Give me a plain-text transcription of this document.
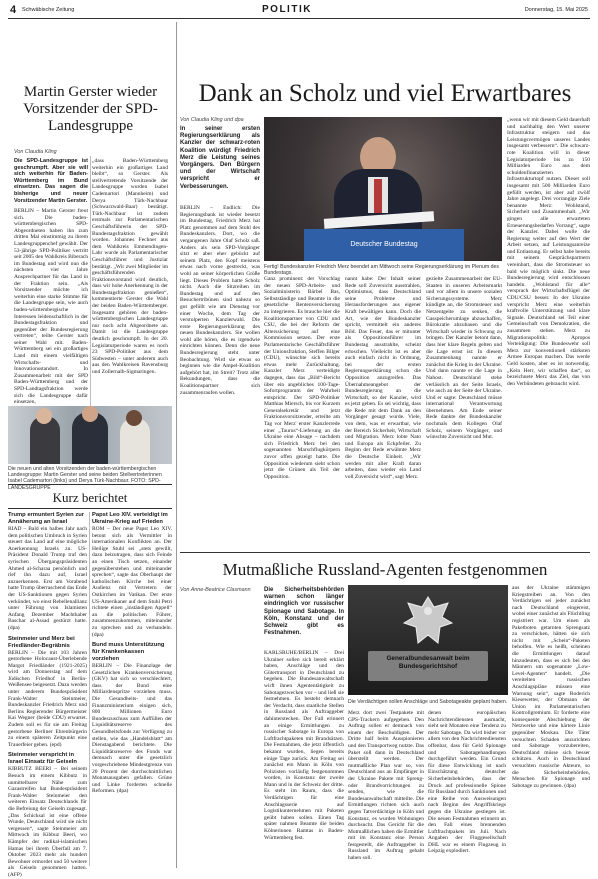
4 Schwäbische Zeitung	POLITIK	Donnerstag, 15. Mai 2025
Martin Gerster wieder Vorsitzender der SPD-Landesgruppe
Von Claudia Kling
Die SPD-Landesgruppe ist geschrumpft. Aber sie will sich weiterhin für Baden-Württemberg im Bund einsetzen. Das sagen die bisherige und neuer Vorsitzender Martin Gerster.
BERLIN – Martin Gerster freut sich. Die baden-württembergischen SPD-Abgeordneten haben ihn zum dritten Mal einstimmig zu ihrem Landesgruppenchef gewählt. Der 53-jährige SPD-Politiker vertritt seit 2005 den Wahlkreis Biberach im Bundestag und wird nun die nächsten vier Jahre Ansprechpartner für das Land in der Fraktion sein. „Als Vorsitzender möchte ich weiterhin eine starke Stimme für die Landesgruppe sein, wie auch baden-württembergische Interessen leidenschaftlich in der Bundestagsfraktion und gegenüber der Bundesregierung vertreten“, teilte Gerster nach seiner Wahl mit. Baden-Württemberg sei ein großartiges Land mit einem vielfältigen Wirtschafts- und Innovationsstandort. In Zusammenarbeit mit der SPD Baden-Württemberg und der SPD-Landtagsfraktion werde sich die Landesgruppe dafür einsetzen,
„dass Baden-Württemberg weiterhin ein großartiges Land bleibt“, so Gerster. Als stellvertretende Vorsitzende der Landesgruppe wurden Isabel Cademartori (Mannheim) und Derya Türk-Nachbaur (Schwarzwald-Baar) bestätigt. Türk-Nachbaur ist zudem erstmals zur Parlamentarischen Geschäftsführerin der SPD-Bundestagsfraktion gewählt worden. Johannes Fechner aus dem Wahlkreis Emmendingen-Lahr wurde als Parlamentarischer Geschäftsführer und Justiziar bestätigt. „Wir zwei Mitglieder im geschäftsführenden Fraktionsvorstand wird deutlich, dass wir hohe Anerkennung in der Bundestagsfraktion genießen“, kommentierte Gerster die Wahl der beiden Baden-Württemberger. Insgesamt gehören der baden-württembergischen Landesgruppe nur noch acht Abgeordnete an. Damit ist die Landesgruppe deutlich geschrumpft. In der 20. Legislaturperiode waren es noch 23 SPD-Politiker aus dem Südwesten – unter anderem auch aus den Wahlkreisen Ravensburg und Zollernalb-Sigmaringen.
Die neuen und alten Vorsitzenden der baden-württembergischen Landesgruppe: Martin Gerster und seine beiden Stellvertreterinnen Isabel Cademartori (links) und Derya Türk-Nachbaur. FOTO: SPD-LANDESGRUPPE
Kurz berichtet
Trump ermuntert Syrien zur Annäherung an Israel
RIAD – Bald ein halbes Jahr nach dem politischen Umbruch in Syrien steuert das Land auf eine mögliche Anerkennung Israels zu. US-Präsident Donald Trump traf den syrischen Übergangspräsidenten Ahmed al-Scharaa persönlich und rief ihn dazu auf, Israel anzuerkennen. Erst am Vorabend hatte Trump überraschend das Ende der US-Sanktionen gegen Syrien verkündet, wo einst Rebellenallianz unter Führung von Islamisten Anfang Dezember Machthaber Baschar al-Assad gestürzt hatte. (dpa)
Steinmeier und Merz bei Friedländer-Begräbnis
BERLIN – Die mit 103 Jahren gestorbene Holocaust-Überlebende Margot Friedländer (1921-2025) wird am Donnerstag auf dem Jüdischen Friedhof in Berlin-Weißensee beigesetzt. Dazu werden unter anderem Bundespräsident Frank-Walter Steinmeier, Bundeskanzler Friedrich Merz und Berlins Regierender Bürgermeister Kai Wegner (beide CDU) erwartet. Zudem soll es für sie am Freitag gestorbene Berliner Ehrenbürgerin zu einem späteren Zeitpunkt eine Trauerfeier geben. (epd)
Steinmeier verspricht in Israel Einsatz für Geiseln
KIBBUTZ BEERI – Bei seinem Besuch im einem Kibbutz in unmittelbarer Nähe zum Gazastreifen hat Bundespräsident Frank-Walter Steinmeier den weiteren Einsatz Deutschlands für die Befreiung der Geiseln zugesagt. „Das Schicksal ist eine offene Wunde, Deutschland wird sie nicht vergessen“, sagte Steinmeier am Mittwoch im Kibbuz Beeri, wo Kämpfer der radikal-islamischen Hamas bei ihrem Überfall am 7. Oktober 2023 mehr als hundert Bewohner ermordet und 50 weitere als Geiseln genommen hatten. (AFP)
Papst Leo XIV. verteidigt im Ukraine-Krieg auf Frieden
ROM – Der neue Papst Leo XIV. betont sich als Vermittler in internationalen Konflikten an. Der Heilige Stuhl sei „stets gewillt, dazu beizutragen, dass sich Feinde an einen Tisch setzen, einander gegenüberstehen und miteinander sprechen“, sagte das Oberhaupt der katholischen Kirche bei einer Audienz mit Vertretern der Ostkirchen im Vatikan. Der erste US-Amerikaner auf dem Stuhl Petri richtete einen „inständigen Appell“ an die politischen Führer, zusammenzukommen, miteinander zu sprechen und zu verhandeln. (dpa)
Bund muss Unterstützung für Krankenkassen vorziehen
BERLIN – Die Finanzlage der Gesetzlichen Krankenversicherung (GKV) hat sich so verschlechtert, dass der Bund eine Milliardenspritze vorziehen muss. Die Gesundheits- und das Finanzministerium einigen sich, 800 Millionen Euro Bundeszuschuss zum Auffüllen der Liquiditätsreserve des Gesundheitsfonds zur Verfügung zu stellen, wie das „Handelsblatt“ am Dienstagabend berichtete. Die Liquiditätsreserve des Fonds war demnach unter die gesetzlich vorgeschriebene Mindestgrenze von 20 Prozent der durchschnittlichen Monatsausgaben gefallen. Grüne und Linke forderten schnelle Reformen. (dpa)
Dank an Scholz und viel Erwartbares
Von Claudia Kling und dpa
In seiner ersten Regierungserklärung als Kanzler der schwarz-roten Koalition würdigt Friedrich Merz die Leistung seines Vorgängers. Den Bürgern und der Wirtschaft verspricht er Verbesserungen.
BERLIN – Endlich: Die Regierungsbank ist wieder besetzt im Bundestag, Friedrich Merz hat Platz genommen auf dem Stuhl des Bundeskanzlers. Dort, wo die vergangenen Jahre Olaf Scholz saß. Anders als sein SPD-Vorgänger sitzt er aber eher gebückt auf seinem Platz, den Kopf meistens etwas nach vorne gestreckt, was wohl an seiner körperlichen Größe liegt. Dieses Problem hatte Scholz nicht. Auch die Sitzreihen im Bundestag und auf den Besuchertribünen sind nahezu so gut gefüllt wie am Dienstag vor einer Woche, dem Tag der verstolperten Kanzlerwahl. Die erste Regierungserklärung des neuen Bundeskanzlers. Sie wollen wohl alle hören, die es irgendwie einrichten können. Denn die neue Bundesregierung steht unter Beobachtung. Wird sie etwas so beginnen wie die Ampel-Koalition aufgehört hat, im Streit? Trotz aller Bekundungen, dass die Koalitionspartner sich zusammenraufen wollen.
Deutscher Bundestag
Fertig! Bundeskanzler Friedrich Merz beendet am Mittwoch seine Regierungserklärung im Plenum des Bundestags.
Ganz prominent: der Vorschlag der neuen SPD-Arbeits- und Sozialministerin Bärbel Bas, Selbstständige und Beamte in die gesetzliche Rentenversicherung zu integrieren. Es brauche hier die Koalitionspartner von CDU und CSU, die bei der Reform der Alterssicherung auf eine Kommission setzen. Der erste Parlamentarische Geschäftsführer der Unionsfraktion, Steffen Bilger (CDU), wünschte sich bereits etwas mehr Zurückhaltung. Kanzler Merz verteidigte dagegen, dass das „Bild“-Bericht über ein angebliches 100-Tage-Sofortprogramm der Wahrheit entspricht. Der SPD-Politiker Matthias Miersch, bis vor Kurzem Generalsekretär und jetzt Fraktionsvorsitzender, erteilte am Tag vor Merz' erster Kanzlerrede einer „Taurus“-Lieferung an die Ukraine eine Absage – nachdem sich Friedrich Merz bei den sogenannten Marschflugkörpern zuvor offen gezeigt hatte. Die Opposition wiederum sieht schon jetzt die Grünen als Teil der Opposition.
nannt habe: Der Inhalt seiner Rede soll Zuversicht ausstrahlen, Optimismus, dass Deutschland seine Probleme und Herausforderungen aus eigener Kraft bewältigen kann. Doch die Art, wie der Bundeskanzler spricht, vermittelt ein anderes Bild. Das Feuer, das er mitunter als Oppositionsführer im Bundestag ausstrahlte, scheint erloschen. Vielleicht ist es aber auch einfach nicht in Ordnung, bei der ersten Regierungserklärung schon die Opposition anzugreifen. Das Übernahmeangebot der Bundesregierung an die Wirtschaft, so der Kanzler, wird es jetzt geben. Es sei wichtig, dass die Rede mit dem Dank an den Vorgänger gesagt wurde. Viele, von dem, was er erwartbar, wie der Bereich Sicherheit, Wirtschaft und Migration. Merz lobte Nato und Europa als Eckpfeiler. Zu Beginn der Rede erwähnte Merz die Deutsche Einheit. „Wir werden mit aller Kraft daran arbeiten, dass wieder ein Land voll Zuversicht wird“, sagt Merz.
gezielte Zusammenarbeit der EU-Staaten in unseren Arbeitsmarkt und vor allem in unsere sozialen Sicherungssysteme. Merz kündigte an, die Stromsteuer und Netzentgelte zu senken, die Gasspeicherumlage abzuschaffen, Bürokratie abzubauen und die Wirtschaft wieder in Schwung zu bringen. Der Kanzler betont dann, dass hier klare Regeln gelten und die Lage ernst ist: In diesem Zusammenhang nannte er zunächst die Krieg in der Ukraine. Und dann nannte er die Lage in Nahost. Deutschland stehe verlässlich an der Seite Israels, wie auch an der Seite der Ukraine. Und er sagte: Deutschland müsse international Verantwortung übernehmen. Am Ende seiner Rede dankte der Bundeskanzler nochmals dem Kollegen Olaf Scholz, seinem Vorgänger, und wünschte Zuversicht und Mut.
„wenn wir mit diesem Geld dauerhaft und nachhaltig den Wert unserer Infrastruktur steigern und das Leistungsvermögen unseres Landes insgesamt verbessern“. Die schwarz-rote Koalition will in dieser Legislaturperiode bis zu 150 Milliarden Euro aus dem schuldenfinanzierten Infrastrukturtopf nutzen. Dieser soll insgesamt mit 500 Milliarden Euro gefüllt werden, ist aber auf zwölf Jahre angelegt. Drei vorrangige Ziele benannte Merz: Wohlstand, Sicherheit und Zusammenhalt. „Wir gingen alle erwarteten Erneuerungsbedarfen Vorrang“, sagte der Kanzler. Dabei wolle die Regierung weiter auf den Wert der Arbeit setzen, auf Leistungsanreize und Entlastung. Er selbst habe bereits mit seinem Gesprächspartnern vereinbart, dass die Stromsteuer so bald wie möglich sinkt. Die neue Bundesregierung wird entschlossen handeln. „Wohlstand für alle“ versprach der Wirtschaftsflügel der CDU/CSU besser. In der Ukraine verspricht Merz eine weiterhin kraftvolle Unterstützung und klare Signale. Deutschland sei Teil einer Gemeinschaft von Demokratien, die zusammen stehen. Merz zu Migrationspolitik: Apropos Verteidigung: Die Bundeswehr soll Merz zur konventionell stärksten Armee Europas machen. Das werde Geld kosten, aber es ist notwendig. „Kein Herr, wir schaffen das“, so bezeichnete Merz das Ziel, das von den Verbündeten gebraucht wird.
Mutmaßliche Russland-Agenten festgenommen
Von Anne-Beatrice Clasmann Die Sicherheitsbehörden warnen schon länger eindringlich vor russischer Spionage und Sabotage. In Köln, Konstanz und der Schweiz gibt es Festnahmen.
Generalbundesanwalt beim Bundesgerichtshof
Die Verdächtigen sollen Anschläge und Sabotageakte geplant haben.
KARLSRUHE/BERLIN – Drei Ukrainer sollen sich bereit erklärt haben, Anschläge und den Gütertransport in Deutschland zu begehen. Die Bundesanwaltschaft wirft ihnen Agententätigkeit zu Sabotagezwecken vor – und ließ sie festnehmen. Es besteht demnach der Verdacht, dass staatliche Stellen in Russland als Auftraggeber dahinterstecken. Der Fall erinnert an einige Ermittlungen zu russischer Sabotage in Europa von Luftfrachtpaketen mit Brandsätzen. Die Festnahmen, die jetzt öffentlich bekannt wurden, liegen bereits einige Tage zurück. Am Freitag sei zunächst ein Mann in Köln von Polizisten vorläufig festgenommen worden, in Konstanz der zweite Mann und in der Schweiz der dritte. Es steht im Raum, dass die Verdächtigen für eine Anschlagsserie auf Logistikunternehmen mit Paketen geübt haben sollen. Einen Tag später nahmen Beamte die beiden Kölnerinnen Ramtas in Baden-Württemberg fest.
Merz dort zwei Testpakete mit GPS-Trackern aufgegeben. Den Auftrag sollen er demnach von einem der Beschuldigten. Der Dritte half beim Ausspionieren und den Transportweg nutzte. Das Paket soll dann in Deutschland überstellt werden. Der mutmaßliche Plan war so, von Deutschland aus an Empfänger in der Ukraine Pakete mit Spreng- oder Brandvorrichtungen zu senden, wie die Bundesanwaltschaft mitteilte. Die Ermittlungen richten sich auch gegen Tatverdächtige in Köln und Konstanz, es wurden Wohnungen durchsucht. Das Gericht für die Mutmaßlichen haben die Ermittler mit im Konstanz eine Person festgestellt, die Auftraggeber in Russland im Auftrag gehabt haben soll.
denen europäischen Nachrichtendiensten ausmacht, sieht seit Monaten eine Tendenz zu mehr Sabotage. Da wird bisher vor allem von den Nachrichtendiensten offenbar, dass für Geld Spionage und Sabotagehandlungen durchgeführt werden. Ein Grund für diese Entwicklung ist nach Einschätzung deutscher Sicherheitsbehörden, dass der Druck auf professionelle Spione für Russland durch Sanktionen und eine Reihe von Ausweisungen nach Beginn des Angriffskriegs gegen die Ukraine gestiegen ist. Die neuen Festnahmen erinnern an den Fall eines brennenden Luftfrachtpakets im Juli. Nach Angaben der Fluggesellschaft DHL war es einem Flugzeug in Leipzig explodiert.
aus der Ukraine stämmigen Kriegstreiben an. Von den Verdächtigen sei jeder zunächst nach Deutschland eingereist, wobei einer zunächst als Flüchtling registriert war. Um einen als Paketboten getarnten Sprengsatz zu verschicken, hätten sie sich nicht mit „Schein“-Paketen beholfen. Wie es heißt, scheinen die Ermittlungen darauf hinzudeuten, dass es sich bei den Männern um sogenannte „Low-Level-Agenten“ handelt. „Die vereitelten russischen Anschlagspläne müssen eine Warnung sein“, sagte Roderich Kiesewetter, der Obmann der Union im Parlamentarischen Kontrollgremium. Er forderte eine konsequente Abschiebung der Netzwerke und eine härtere Linie gegenüber Moskau. Die Täter versuchten Schaden anzurichten und Sabotage vorzubereiten, Deutschland müsse sich besser schützen. Auch in Deutschland versuchten russische Akteure, so die Sicherheitsbehörden, Menschen für Spionage und Sabotage zu gewinnen. (dpa)
